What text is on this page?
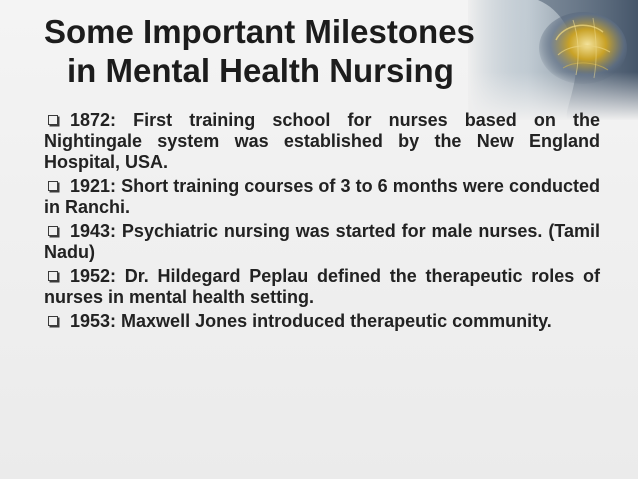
Some Important Milestones
in Mental Health Nursing
1872: First training school for nurses based on the Nightingale system was established by the New England Hospital, USA.
1921: Short training courses of 3 to 6 months were conducted in Ranchi.
1943: Psychiatric nursing was started for male nurses. (Tamil Nadu)
1952: Dr. Hildegard Peplau defined the therapeutic roles of nurses in mental health setting.
1953: Maxwell Jones introduced therapeutic community.
